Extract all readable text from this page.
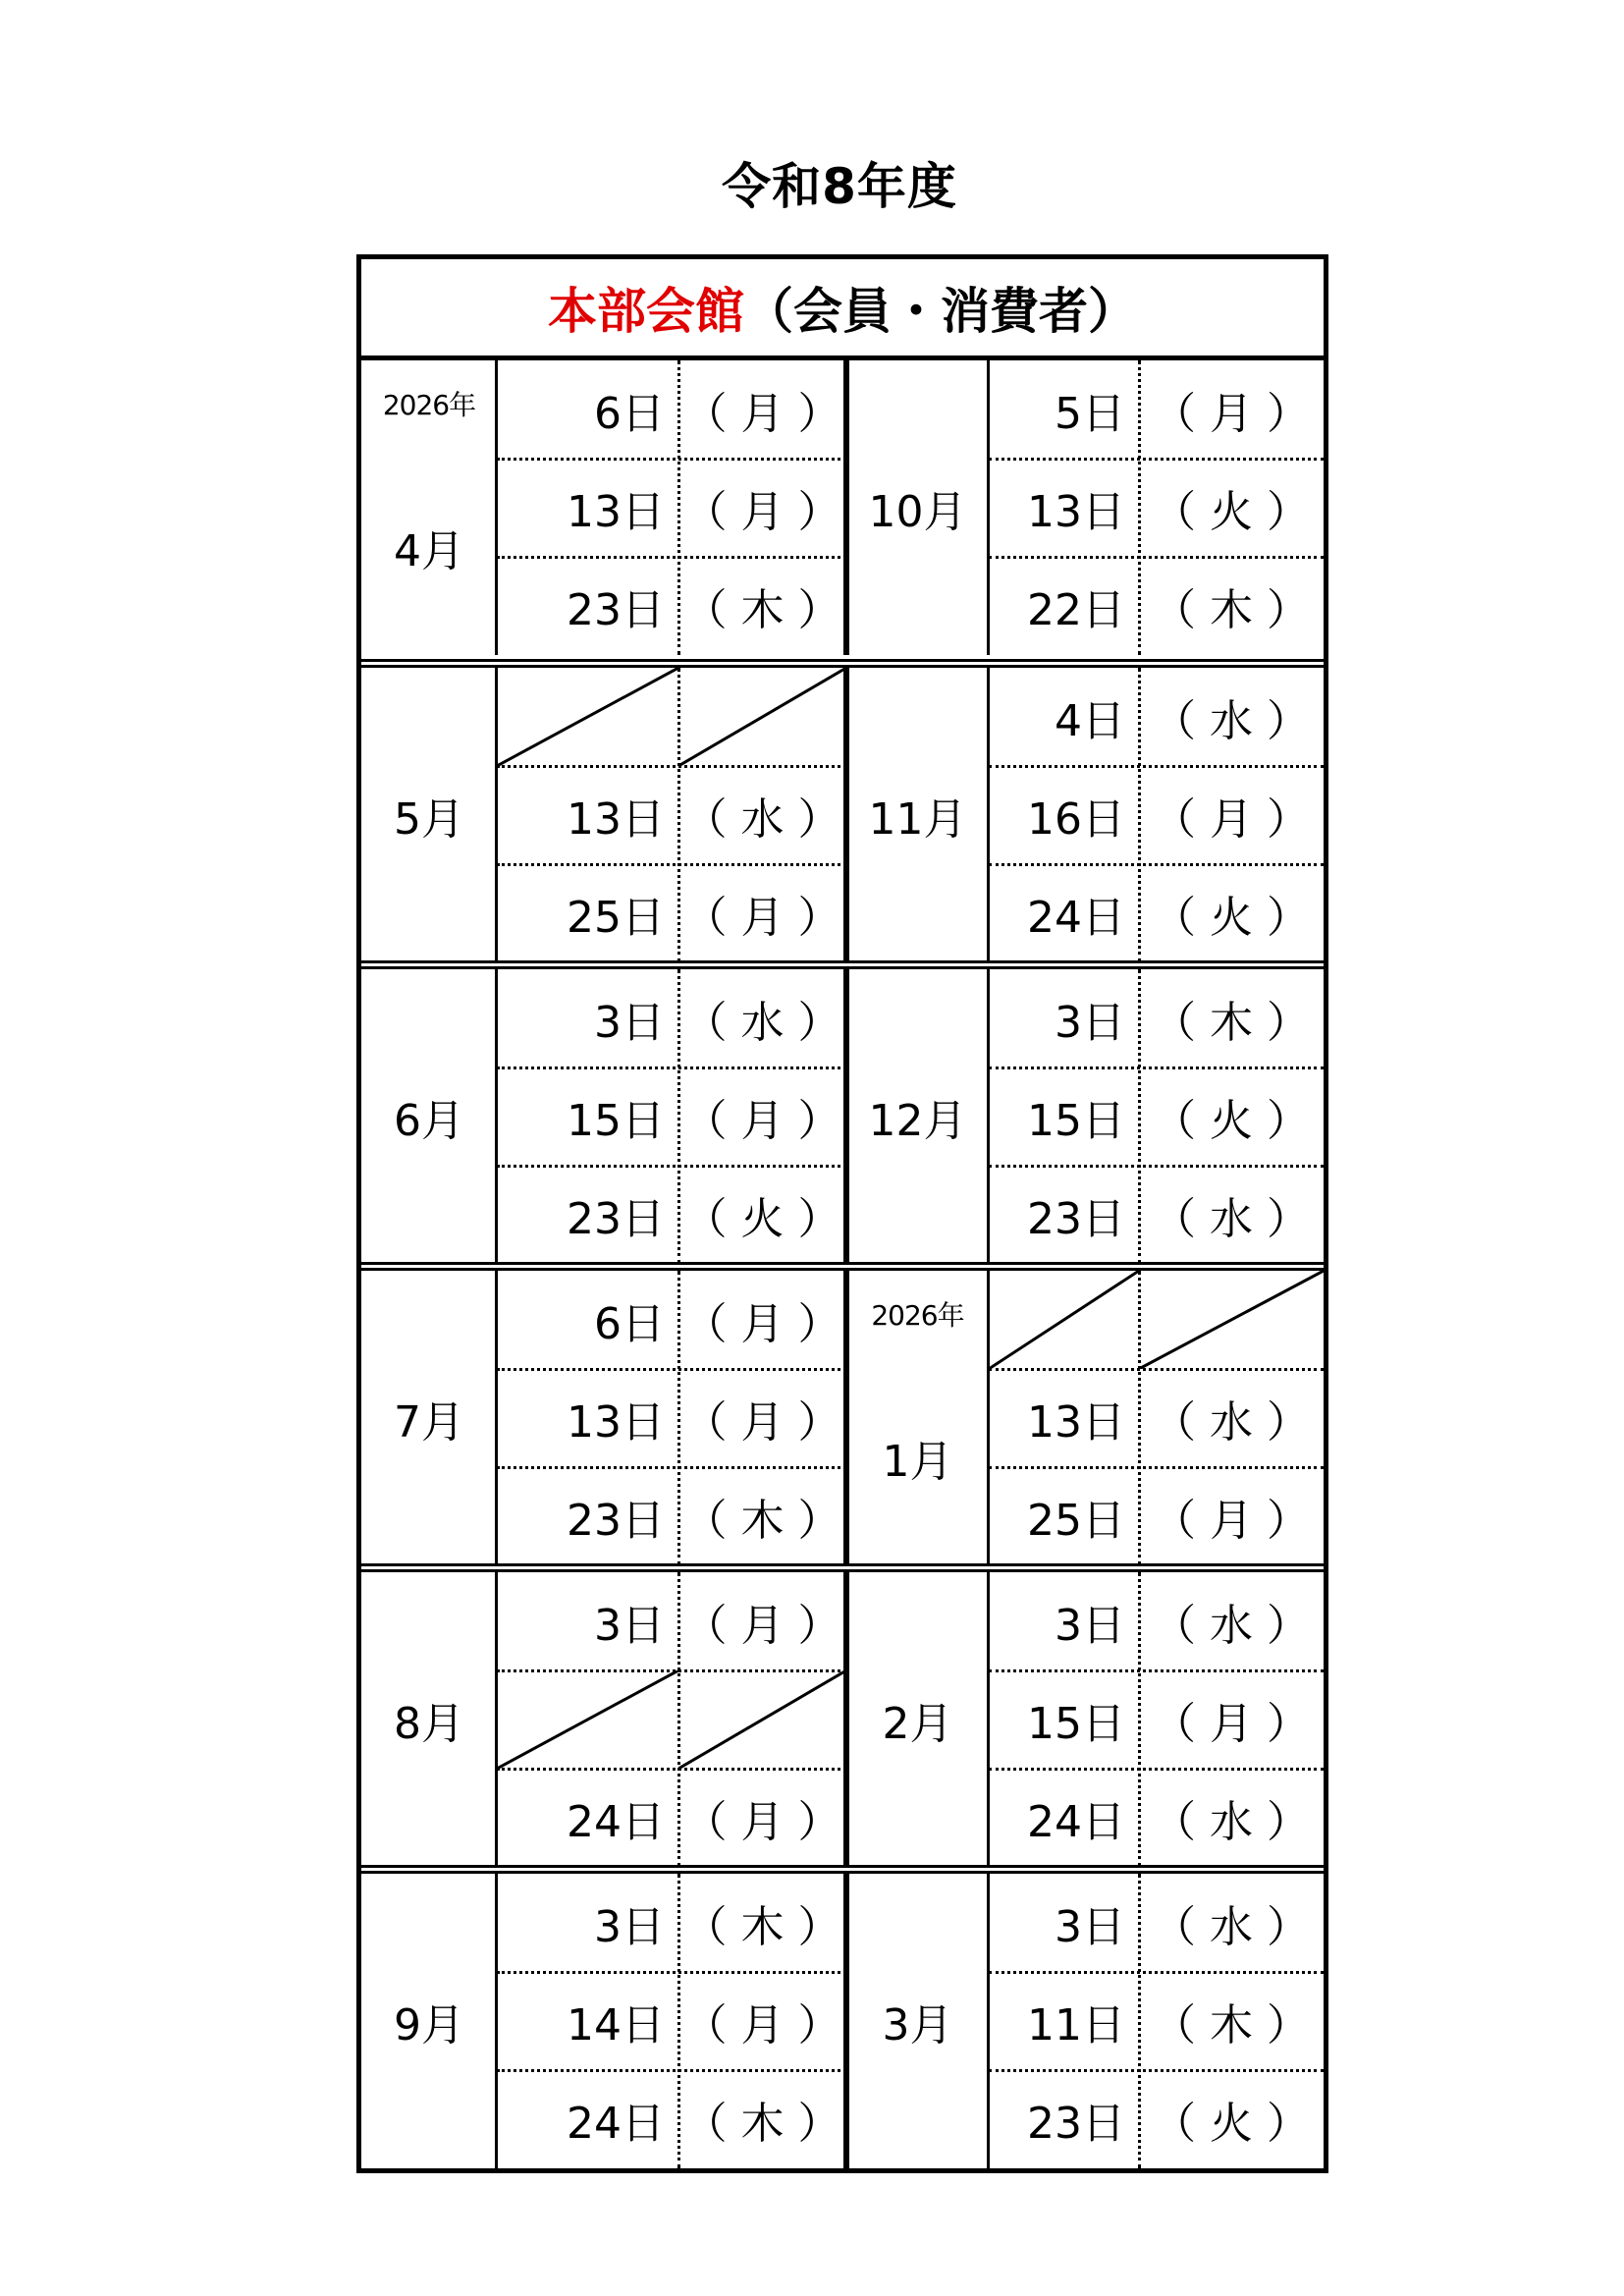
令和8年度
本部会館 （会員・消費者）
4月
2026年	6日 （ 月 ）
13日 （ 月 ）
23日 （ 木 ）
10月
5日 （ 月 ）
13日 （ 火 ）
22日 （ 木 ）
5月	13日 （ 水 ）
25日 （ 月 ）
11月
4日 （ 水 ）
16日 （ 月 ）
24日 （ 火 ）
6月
3日 （ 水 ）
15日 （ 月 ）
23日 （ 火 ）
12月
3日 （ 木 ）
15日 （ 火 ）
23日 （ 水 ）
7月
6日 （ 月 ）
13日 （ 月 ）
23日 （ 木 ）
1月
2026年
13日 （ 水 ）
25日 （ 月 ）
8月
3日 （ 月 ）
24日 （ 月 ）
2月
3日 （ 水 ）
15日 （ 月 ）
24日 （ 水 ）
9月
3日 （ 木 ）
14日 （ 月 ）
24日 （ 木 ）
3月
3日 （ 水 ）
11日 （ 木 ）
23日 （ 火 ）
